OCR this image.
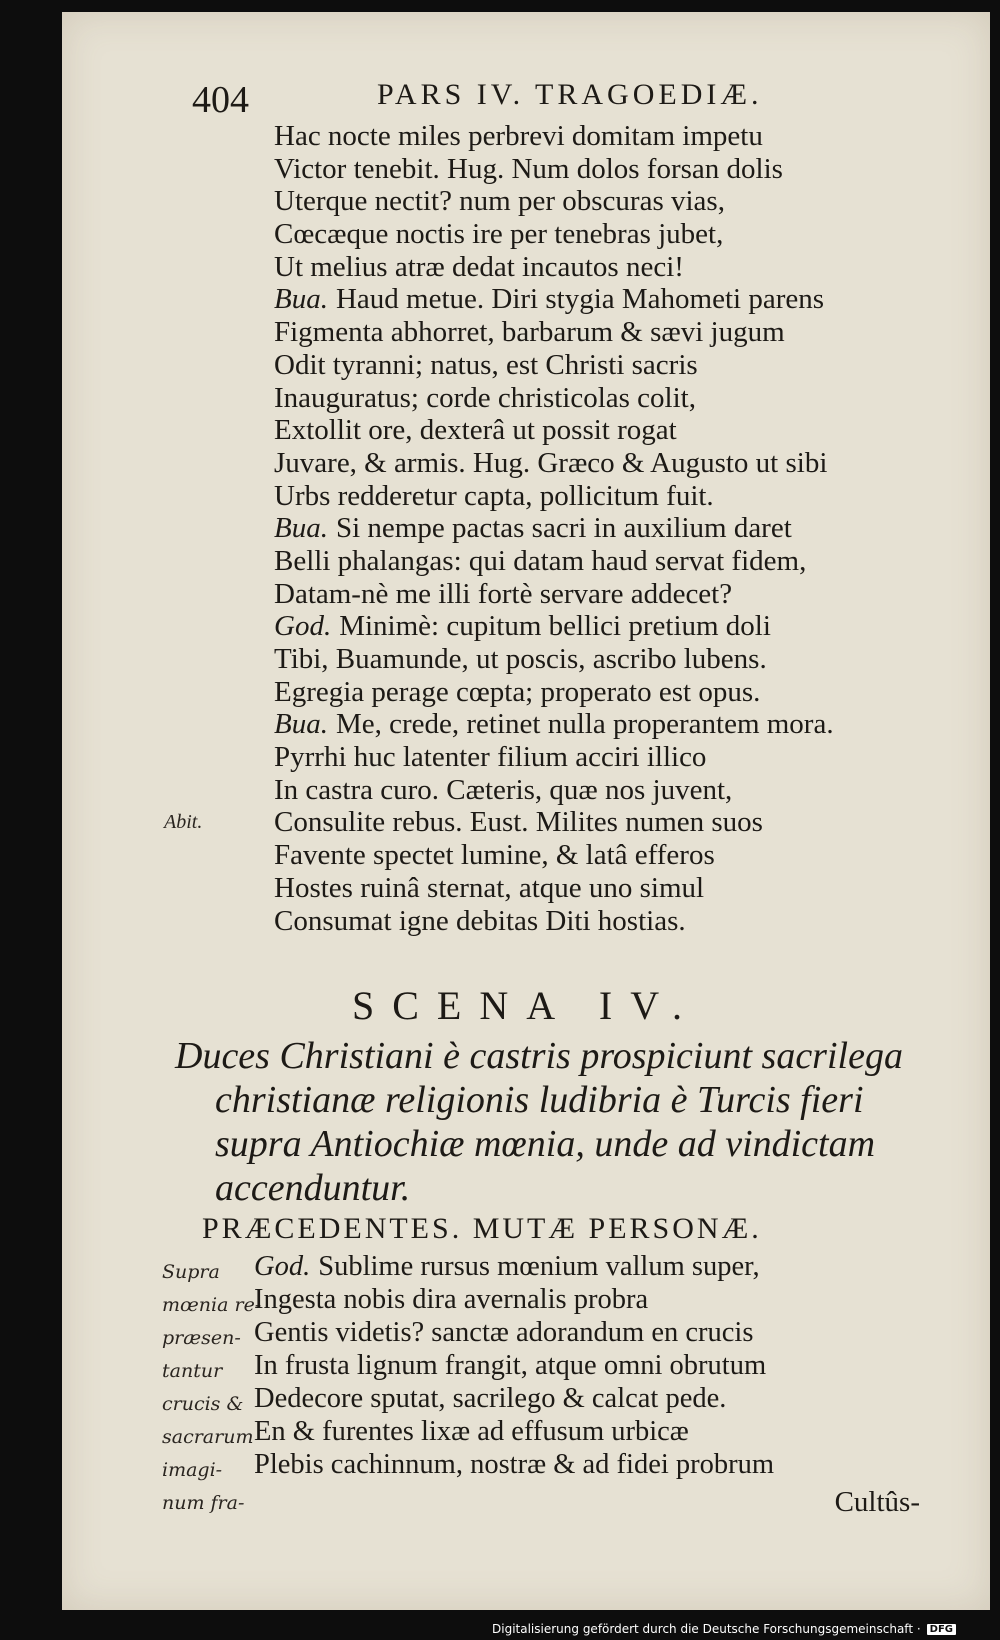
404	PARS IV. TRAGOEDIÆ.
Hac nocte miles perbrevi domitam impetu
Victor tenebit. Hug. Num dolos forsan dolis
Uterque nectit? num per obscuras vias,
Cœcæque noctis ire per tenebras jubet,
Ut melius atræ dedat incautos neci!
Bua. Haud metue. Diri stygia Mahometi parens
Figmenta abhorret, barbarum & sævi jugum
Odit tyranni; natus, est Christi sacris
Inauguratus; corde christicolas colit,
Extollit ore, dexterâ ut possit rogat
Juvare, & armis. Hug. Græco & Augusto ut sibi
Urbs redderetur capta, pollicitum fuit.
Bua. Si nempe pactas sacri in auxilium daret
Belli phalangas: qui datam haud servat fidem,
Datam-nè me illi fortè servare addecet?
God. Minimè: cupitum bellici pretium doli
Tibi, Buamunde, ut poscis, ascribo lubens.
Egregia perage cœpta; properato est opus.
Bua. Me, crede, retinet nulla properantem mora.
Pyrrhi huc latenter filium acciri illico
In castra curo. Cæteris, quæ nos juvent,
Abit. Consulite rebus. Eust. Milites numen suos
Favente spectet lumine, & latâ efferos
Hostes ruinâ sternat, atque uno simul
Consumat igne debitas Diti hostias.
SCENA IV.
Duces Christiani è castris prospiciunt sacrilega
christianæ religionis ludibria è Turcis fieri
supra Antiochiæ mœnia, unde ad vindictam
accenduntur.
PRÆCEDENTES. MUTÆ PERSONÆ.
Supra
mœnia re-
præsen-
tantur
crucis &
sacrarum
imagi-
num fra-
God. Sublime rursus mœnium vallum super,
Ingesta nobis dira avernalis probra
Gentis videtis? sanctæ adorandum en crucis
In frusta lignum frangit, atque omni obrutum
Dedecore sputat, sacrilego & calcat pede.
En & furentes lixæ ad effusum urbicæ
Plebis cachinnum, nostræ & ad fidei probrum
Cultûs-
Digitalisierung gefördert durch die Deutsche Forschungsgemeinschaft · DFG
